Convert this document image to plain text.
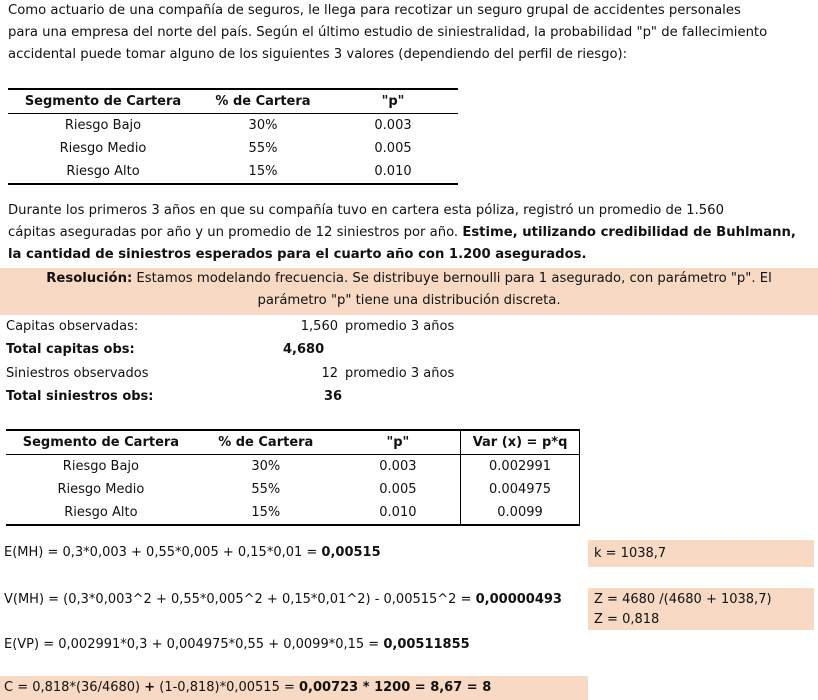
Como actuario de una compañía de seguros, le llega para recotizar un seguro grupal de accidentes personales

para una empresa del norte del país. Según el último estudio de siniestralidad, la probabilidad "p" de fallecimiento

accidental puede tomar alguno de los siguientes 3 valores (dependiendo del perfil de riesgo):

Segmento de Cartera	% de Cartera	"p"
Riesgo Bajo	30%	0.003
Riesgo Medio	55%	0.005
Riesgo Alto	15%	0.010

Durante los primeros 3 años en que su compañía tuvo en cartera esta póliza, registró un promedio de 1.560

cápitas aseguradas por año y un promedio de 12 siniestros por año. Estime, utilizando credibilidad de Buhlmann,

la cantidad de siniestros esperados para el cuarto año con 1.200 asegurados.

Resolución: Estamos modelando frecuencia. Se distribuye bernoulli para 1 asegurado, con parámetro "p". El
parámetro "p" tiene una distribución discreta.
Capitas observadas:	1,560 promedio 3 años
Total capitas obs:	4,680
Siniestros observados	12 promedio 3 años
Total siniestros obs:	36
Segmento de Cartera	% de Cartera	"p"	Var (x) = p*q
Riesgo Bajo	30%	0.003	0.002991
Riesgo Medio	55%	0.005	0.004975
Riesgo Alto	15%	0.010	0.0099
k = 1038,7
Z = 4680 /(4680 + 1038,7)
Z = 0,818
E(MH) = 0,3*0,003 + 0,55*0,005 + 0,15*0,01 = 0,00515
V(MH) = (0,3*0,003^2 + 0,55*0,005^2 + 0,15*0,01^2) - 0,00515^2 = 0,00000493
E(VP) = 0,002991*0,3 + 0,004975*0,55 + 0,0099*0,15 = 0,00511855
C = 0,818*(36/4680) + (1-0,818)*0,00515 = 0,00723 * 1200 = 8,67 = 8
